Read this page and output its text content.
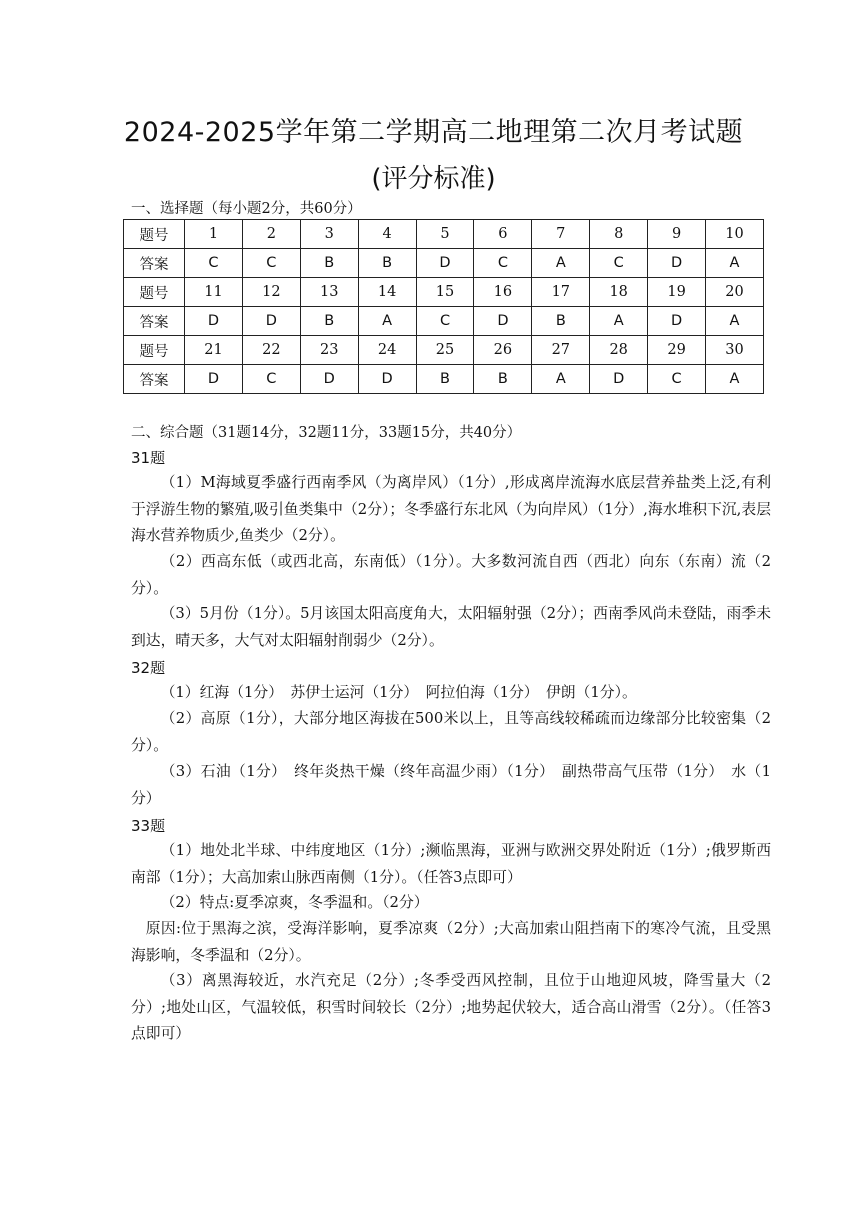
2024-2025学年第二学期高二地理第二次月考试题
(评分标准)
一、选择题（每小题2分，共60分）
题号	1	2	3	4	5	6	7	8	9	10
答案	C	C	B	B	D	C	A	C	D	A
题号	11	12	13	14	15	16	17	18	19	20
答案	D	D	B	A	C	D	B	A	D	A
题号	21	22	23	24	25	26	27	28	29	30
答案	D	C	D	D	B	B	A	D	C	A
二、综合题（31题14分，32题11分，33题15分，共40分）
31题
（1）M海域夏季盛行西南季风（为离岸风）（1分）,形成离岸流海水底层营养盐类上泛,有利于浮游生物的繁殖,吸引鱼类集中（2分）；冬季盛行东北风（为向岸风）（1分）,海水堆积下沉,表层海水营养物质少,鱼类少（2分）。
（2）西高东低（或西北高，东南低）（1分）。大多数河流自西（西北）向东（东南）流（2分）。
（3）5月份（1分）。5月该国太阳高度角大，太阳辐射强（2分）；西南季风尚未登陆，雨季未到达，晴天多，大气对太阳辐射削弱少（2分）。
32题
（1）红海（1分）　苏伊士运河（1分）　阿拉伯海（1分）　伊朗（1分）。
（2）高原（1分），大部分地区海拔在500米以上，且等高线较稀疏而边缘部分比较密集（2分）。
（3）石油（1分）　终年炎热干燥（终年高温少雨）（1分）　副热带高气压带（1分）　水（1分）
33题
（1）地处北半球、中纬度地区（1分）;濒临黑海，亚洲与欧洲交界处附近（1分）;俄罗斯西南部（1分）；大高加索山脉西南侧（1分）。（任答3点即可）
（2）特点:夏季凉爽，冬季温和。（2分）
原因:位于黑海之滨，受海洋影响，夏季凉爽（2分）;大高加索山阻挡南下的寒冷气流，且受黑海影响，冬季温和（2分）。
（3）离黑海较近，水汽充足（2分）;冬季受西风控制，且位于山地迎风坡，降雪量大（2分）;地处山区，气温较低，积雪时间较长（2分）;地势起伏较大，适合高山滑雪（2分）。（任答3点即可）
